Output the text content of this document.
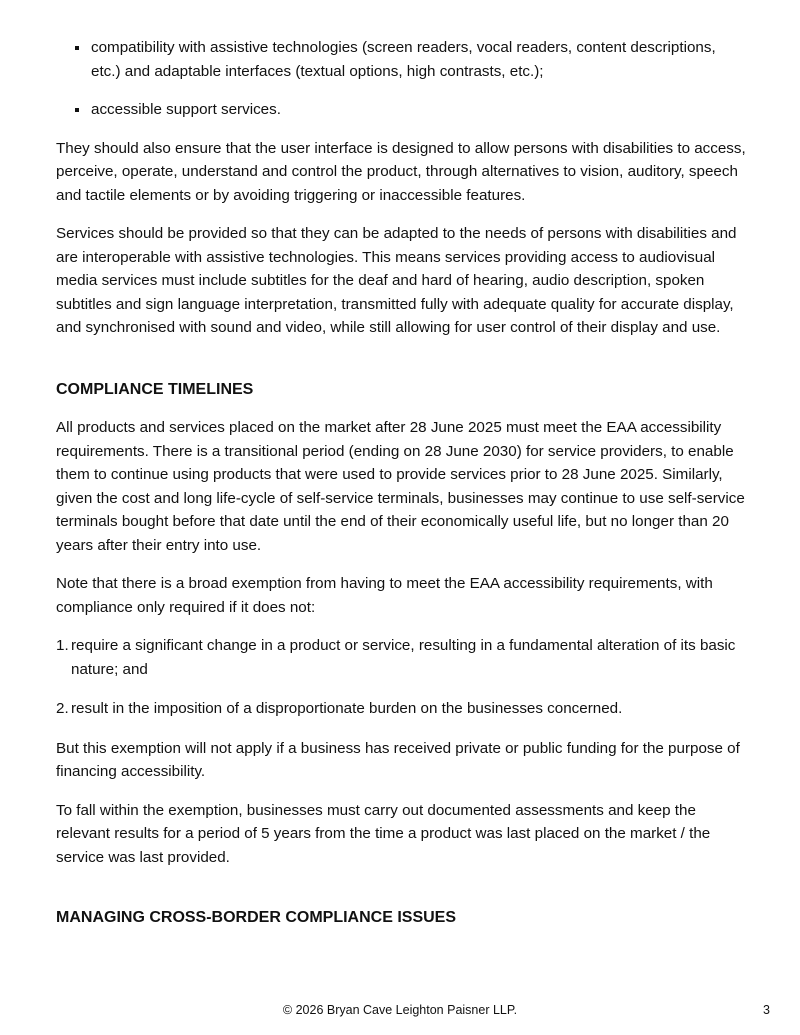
compatibility with assistive technologies (screen readers, vocal readers, content descriptions, etc.) and adaptable interfaces (textual options, high contrasts, etc.);
accessible support services.

They should also ensure that the user interface is designed to allow persons with disabilities to access, perceive, operate, understand and control the product, through alternatives to vision, auditory, speech and tactile elements or by avoiding triggering or inaccessible features.

Services should be provided so that they can be adapted to the needs of persons with disabilities and are interoperable with assistive technologies. This means services providing access to audiovisual media services must include subtitles for the deaf and hard of hearing, audio description, spoken subtitles and sign language interpretation, transmitted fully with adequate quality for accurate display, and synchronised with sound and video, while still allowing for user control of their display and use.

COMPLIANCE TIMELINES

All products and services placed on the market after 28 June 2025 must meet the EAA accessibility requirements. There is a transitional period (ending on 28 June 2030) for service providers, to enable them to continue using products that were used to provide services prior to 28 June 2025. Similarly, given the cost and long life-cycle of self-service terminals, businesses may continue to use self-service terminals bought before that date until the end of their economically useful life, but no longer than 20 years after their entry into use.

Note that there is a broad exemption from having to meet the EAA accessibility requirements, with compliance only required if it does not:

1. require a significant change in a product or service, resulting in a fundamental alteration of its basic nature; and
2. result in the imposition of a disproportionate burden on the businesses concerned.

But this exemption will not apply if a business has received private or public funding for the purpose of financing accessibility.

To fall within the exemption, businesses must carry out documented assessments and keep the relevant results for a period of 5 years from the time a product was last placed on the market / the service was last provided.

MANAGING CROSS-BORDER COMPLIANCE ISSUES
© 2026 Bryan Cave Leighton Paisner LLP.	3
